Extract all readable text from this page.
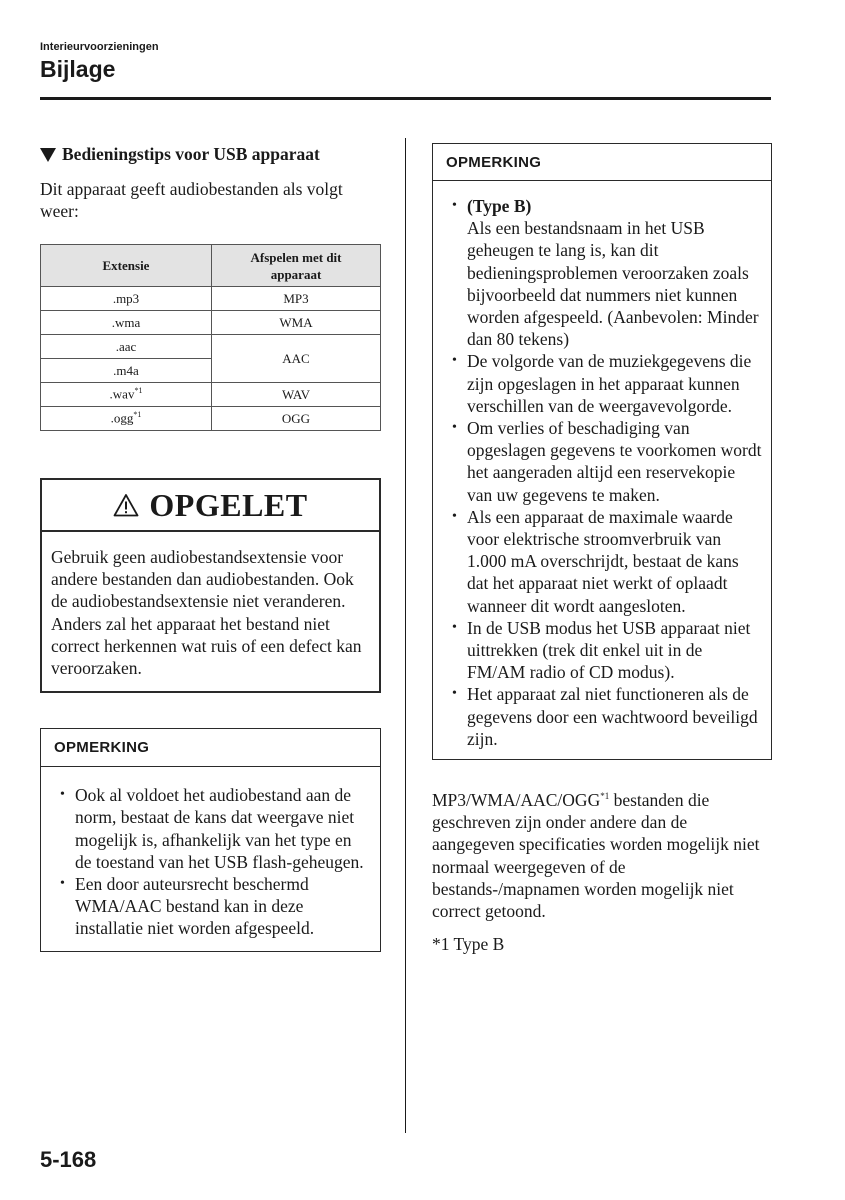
Interieurvoorzieningen
Bijlage
Bedieningstips voor USB apparaat

Dit apparaat geeft audiobestanden als volgt weer:

Extensie	Afspelen met dit
apparaat
.mp3	MP3
.wma	WMA
.aac	AAC
.m4a	
.wav$^{*1}$	WAV
.ogg$^{*1}$	OGG
OPGELET
Gebruik geen audiobestandsextensie voor andere bestanden dan audiobestanden. Ook de audiobestandsextensie niet veranderen. Anders zal het apparaat het bestand niet correct herkennen wat ruis of een defect kan veroorzaken.
OPMERKING
• Ook al voldoet het audiobestand aan de norm, bestaat de kans dat weergave niet mogelijk is, afhankelijk van het type en de toestand van het USB flash-geheugen.
• Een door auteursrecht beschermd WMA/AAC bestand kan in deze installatie niet worden afgespeeld.
OPMERKING
• (Type B)
Als een bestandsnaam in het USB geheugen te lang is, kan dit bedieningsproblemen veroorzaken zoals bijvoorbeeld dat nummers niet kunnen worden afgespeeld. (Aanbevolen: Minder dan 80 tekens)
• De volgorde van de muziekgegevens die zijn opgeslagen in het apparaat kunnen verschillen van de weergavevolgorde.
• Om verlies of beschadiging van opgeslagen gegevens te voorkomen wordt het aangeraden altijd een reservekopie van uw gegevens te maken.
• Als een apparaat de maximale waarde voor elektrische stroomverbruik van 1.000 mA overschrijdt, bestaat de kans dat het apparaat niet werkt of oplaadt wanneer dit wordt aangesloten.
• In de USB modus het USB apparaat niet uittrekken (trek dit enkel uit in de FM/AM radio of CD modus).
• Het apparaat zal niet functioneren als de gegevens door een wachtwoord beveiligd zijn.

MP3/WMA/AAC/OGG$^{*1}$ bestanden die geschreven zijn onder andere dan de aangegeven specificaties worden mogelijk niet normaal weergegeven of de bestands-/mapnamen worden mogelijk niet correct getoond.

*1 Type B

5-168
